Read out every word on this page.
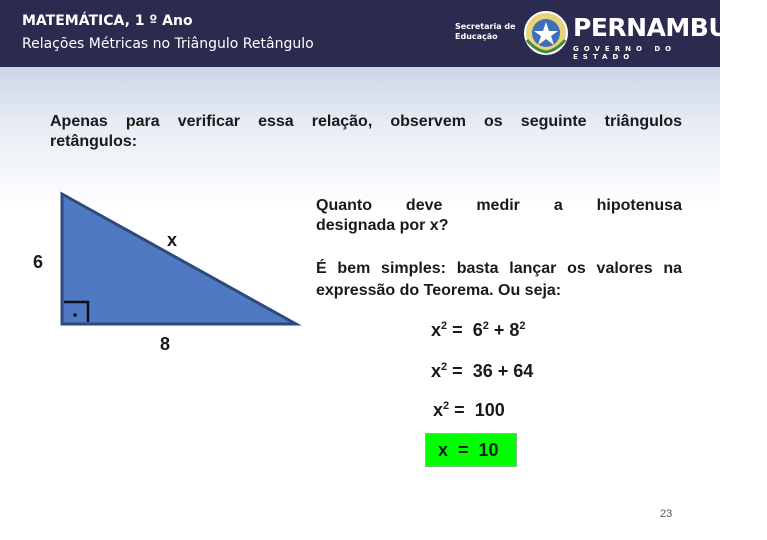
MATEMÁTICA, 1 º Ano
Relações Métricas no Triângulo Retângulo
Secretaria de
Educação	PERNAMBUCO
GOVERNO DO ESTADO
Apenas para verificar essa relação, observem os seguinte triângulos
retângulos:
6
x
8
Quanto deve medir a hipotenusa
designada por x?
É bem simples: basta lançar os valores na expressão do Teorema. Ou seja:
$x^2 = 6^2 + 8^2$
$x^2 = 36 + 64$
$x^2 = 100$
x  =  10
23
